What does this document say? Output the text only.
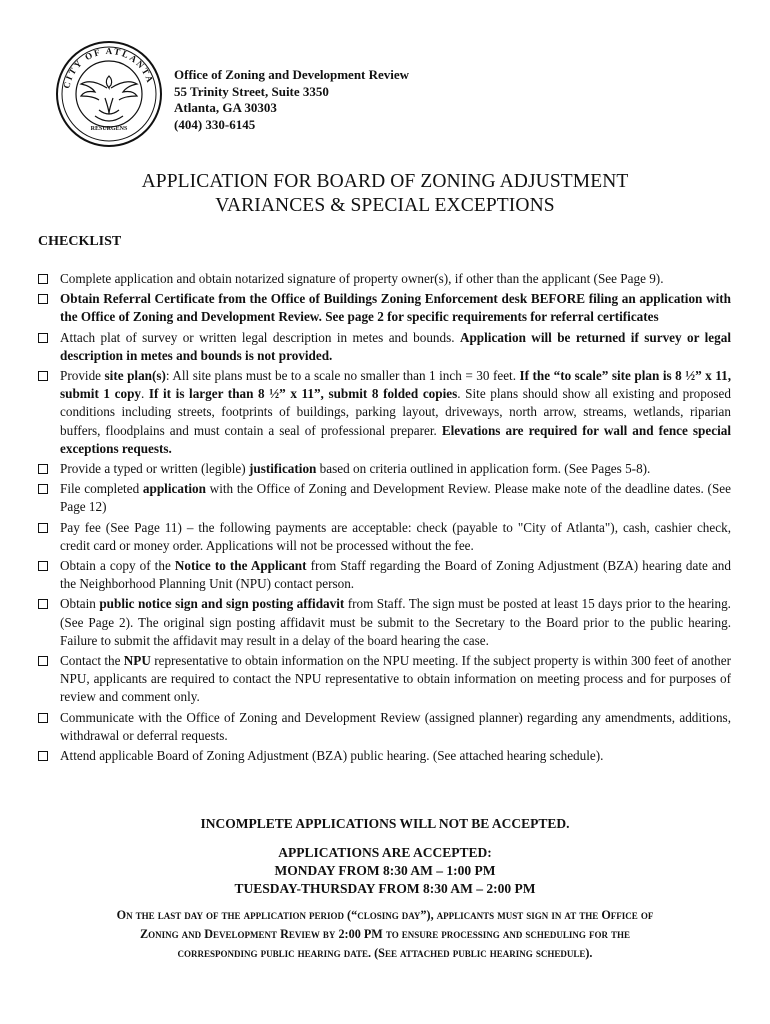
CITY OF ATLANTA
RESURGENS
Office of Zoning and Development Review
55 Trinity Street, Suite 3350
Atlanta, GA 30303
(404) 330-6145
APPLICATION FOR BOARD OF ZONING ADJUSTMENT
VARIANCES & SPECIAL EXCEPTIONS
CHECKLIST
Complete application and obtain notarized signature of property owner(s), if other than the applicant (See Page 9).
Obtain Referral Certificate from the Office of Buildings Zoning Enforcement desk BEFORE filing an application with the Office of Zoning and Development Review. See page 2 for specific requirements for referral certificates
Attach plat of survey or written legal description in metes and bounds. Application will be returned if survey or legal description in metes and bounds is not provided.
Provide site plan(s): All site plans must be to a scale no smaller than 1 inch = 30 feet. If the “to scale” site plan is 8 ½” x 11, submit 1 copy. If it is larger than 8 ½” x 11”, submit 8 folded copies. Site plans should show all existing and proposed conditions including streets, footprints of buildings, parking layout, driveways, north arrow, streams, wetlands, riparian buffers, floodplains and must contain a seal of professional preparer. Elevations are required for wall and fence special exceptions requests.
Provide a typed or written (legible) justification based on criteria outlined in application form. (See Pages 5-8).
File completed application with the Office of Zoning and Development Review. Please make note of the deadline dates. (See Page 12)
Pay fee (See Page 11) – the following payments are acceptable: check (payable to "City of Atlanta"), cash, cashier check, credit card or money order. Applications will not be processed without the fee.
Obtain a copy of the Notice to the Applicant from Staff regarding the Board of Zoning Adjustment (BZA) hearing date and the Neighborhood Planning Unit (NPU) contact person.
Obtain public notice sign and sign posting affidavit from Staff. The sign must be posted at least 15 days prior to the hearing. (See Page 2). The original sign posting affidavit must be submit to the Secretary to the Board prior to the public hearing. Failure to submit the affidavit may result in a delay of the board hearing the case.
Contact the NPU representative to obtain information on the NPU meeting. If the subject property is within 300 feet of another NPU, applicants are required to contact the NPU representative to obtain information on meeting process and for purposes of review and comment only.
Communicate with the Office of Zoning and Development Review (assigned planner) regarding any amendments, additions, withdrawal or deferral requests.
Attend applicable Board of Zoning Adjustment (BZA) public hearing. (See attached hearing schedule).
INCOMPLETE APPLICATIONS WILL NOT BE ACCEPTED.
APPLICATIONS ARE ACCEPTED:
MONDAY FROM 8:30 AM – 1:00 PM
TUESDAY-THURSDAY FROM 8:30 AM – 2:00 PM
On the last day of the application period (“closing day”), applicants must sign in at the Office of
Zoning and Development Review by 2:00 PM to ensure processing and scheduling for the
corresponding public hearing date. (See attached public hearing schedule).
